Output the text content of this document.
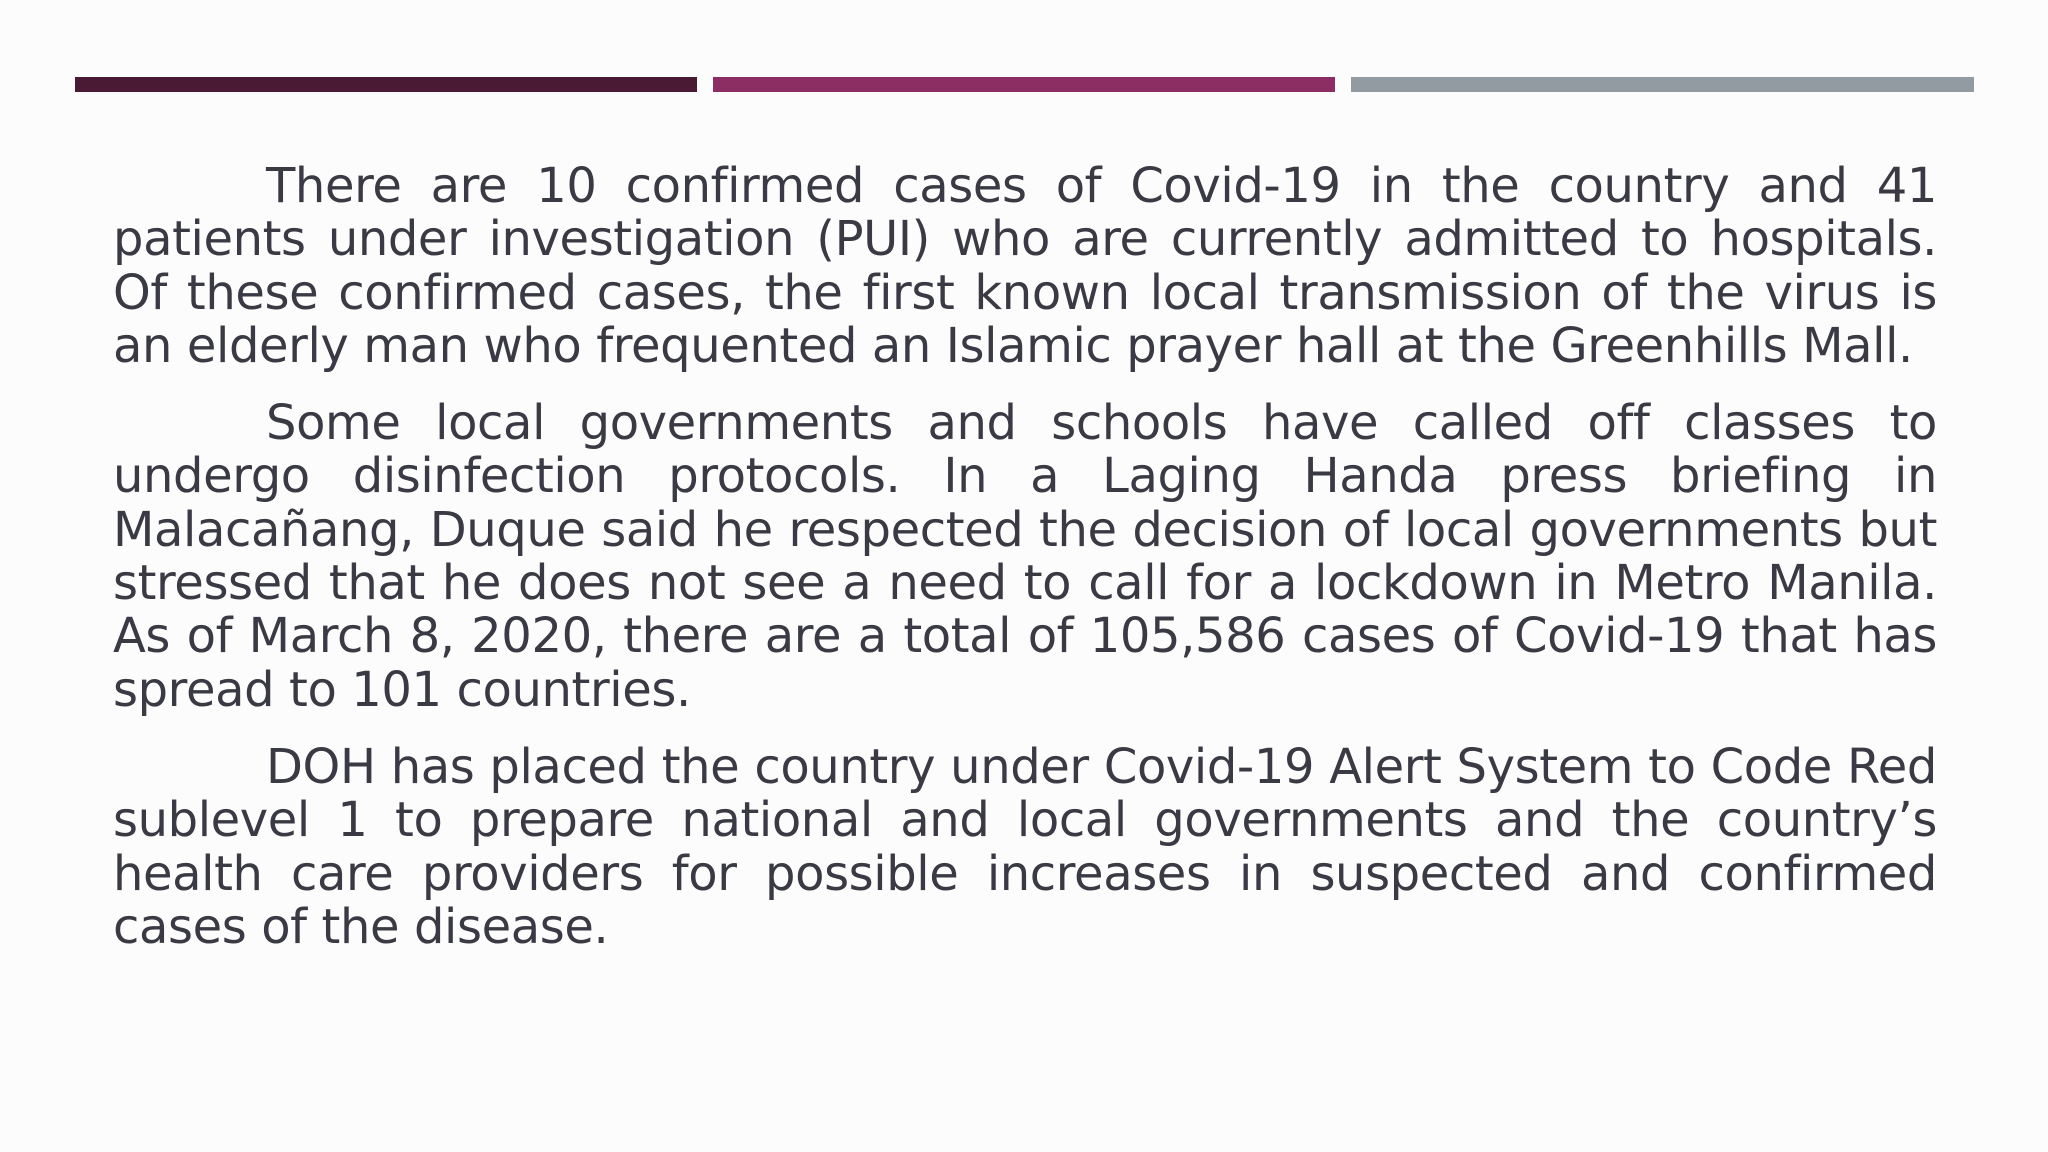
There are 10 confirmed cases of Covid-19 in the country and 41 patients under investigation (PUI) who are currently admitted to hospitals. Of these confirmed cases, the first known local transmission of the virus is an elderly man who frequented an Islamic prayer hall at the Greenhills Mall.

Some local governments and schools have called off classes to undergo disinfection protocols. In a Laging Handa press briefing in Malacañang, Duque said he respected the decision of local governments but stressed that he does not see a need to call for a lockdown in Metro Manila. As of March 8, 2020, there are a total of 105,586 cases of Covid-19 that has spread to 101 countries.

DOH has placed the country under Covid-19 Alert System to Code Red sublevel 1 to prepare national and local governments and the country’s health care providers for possible increases in suspected and confirmed cases of the disease.
